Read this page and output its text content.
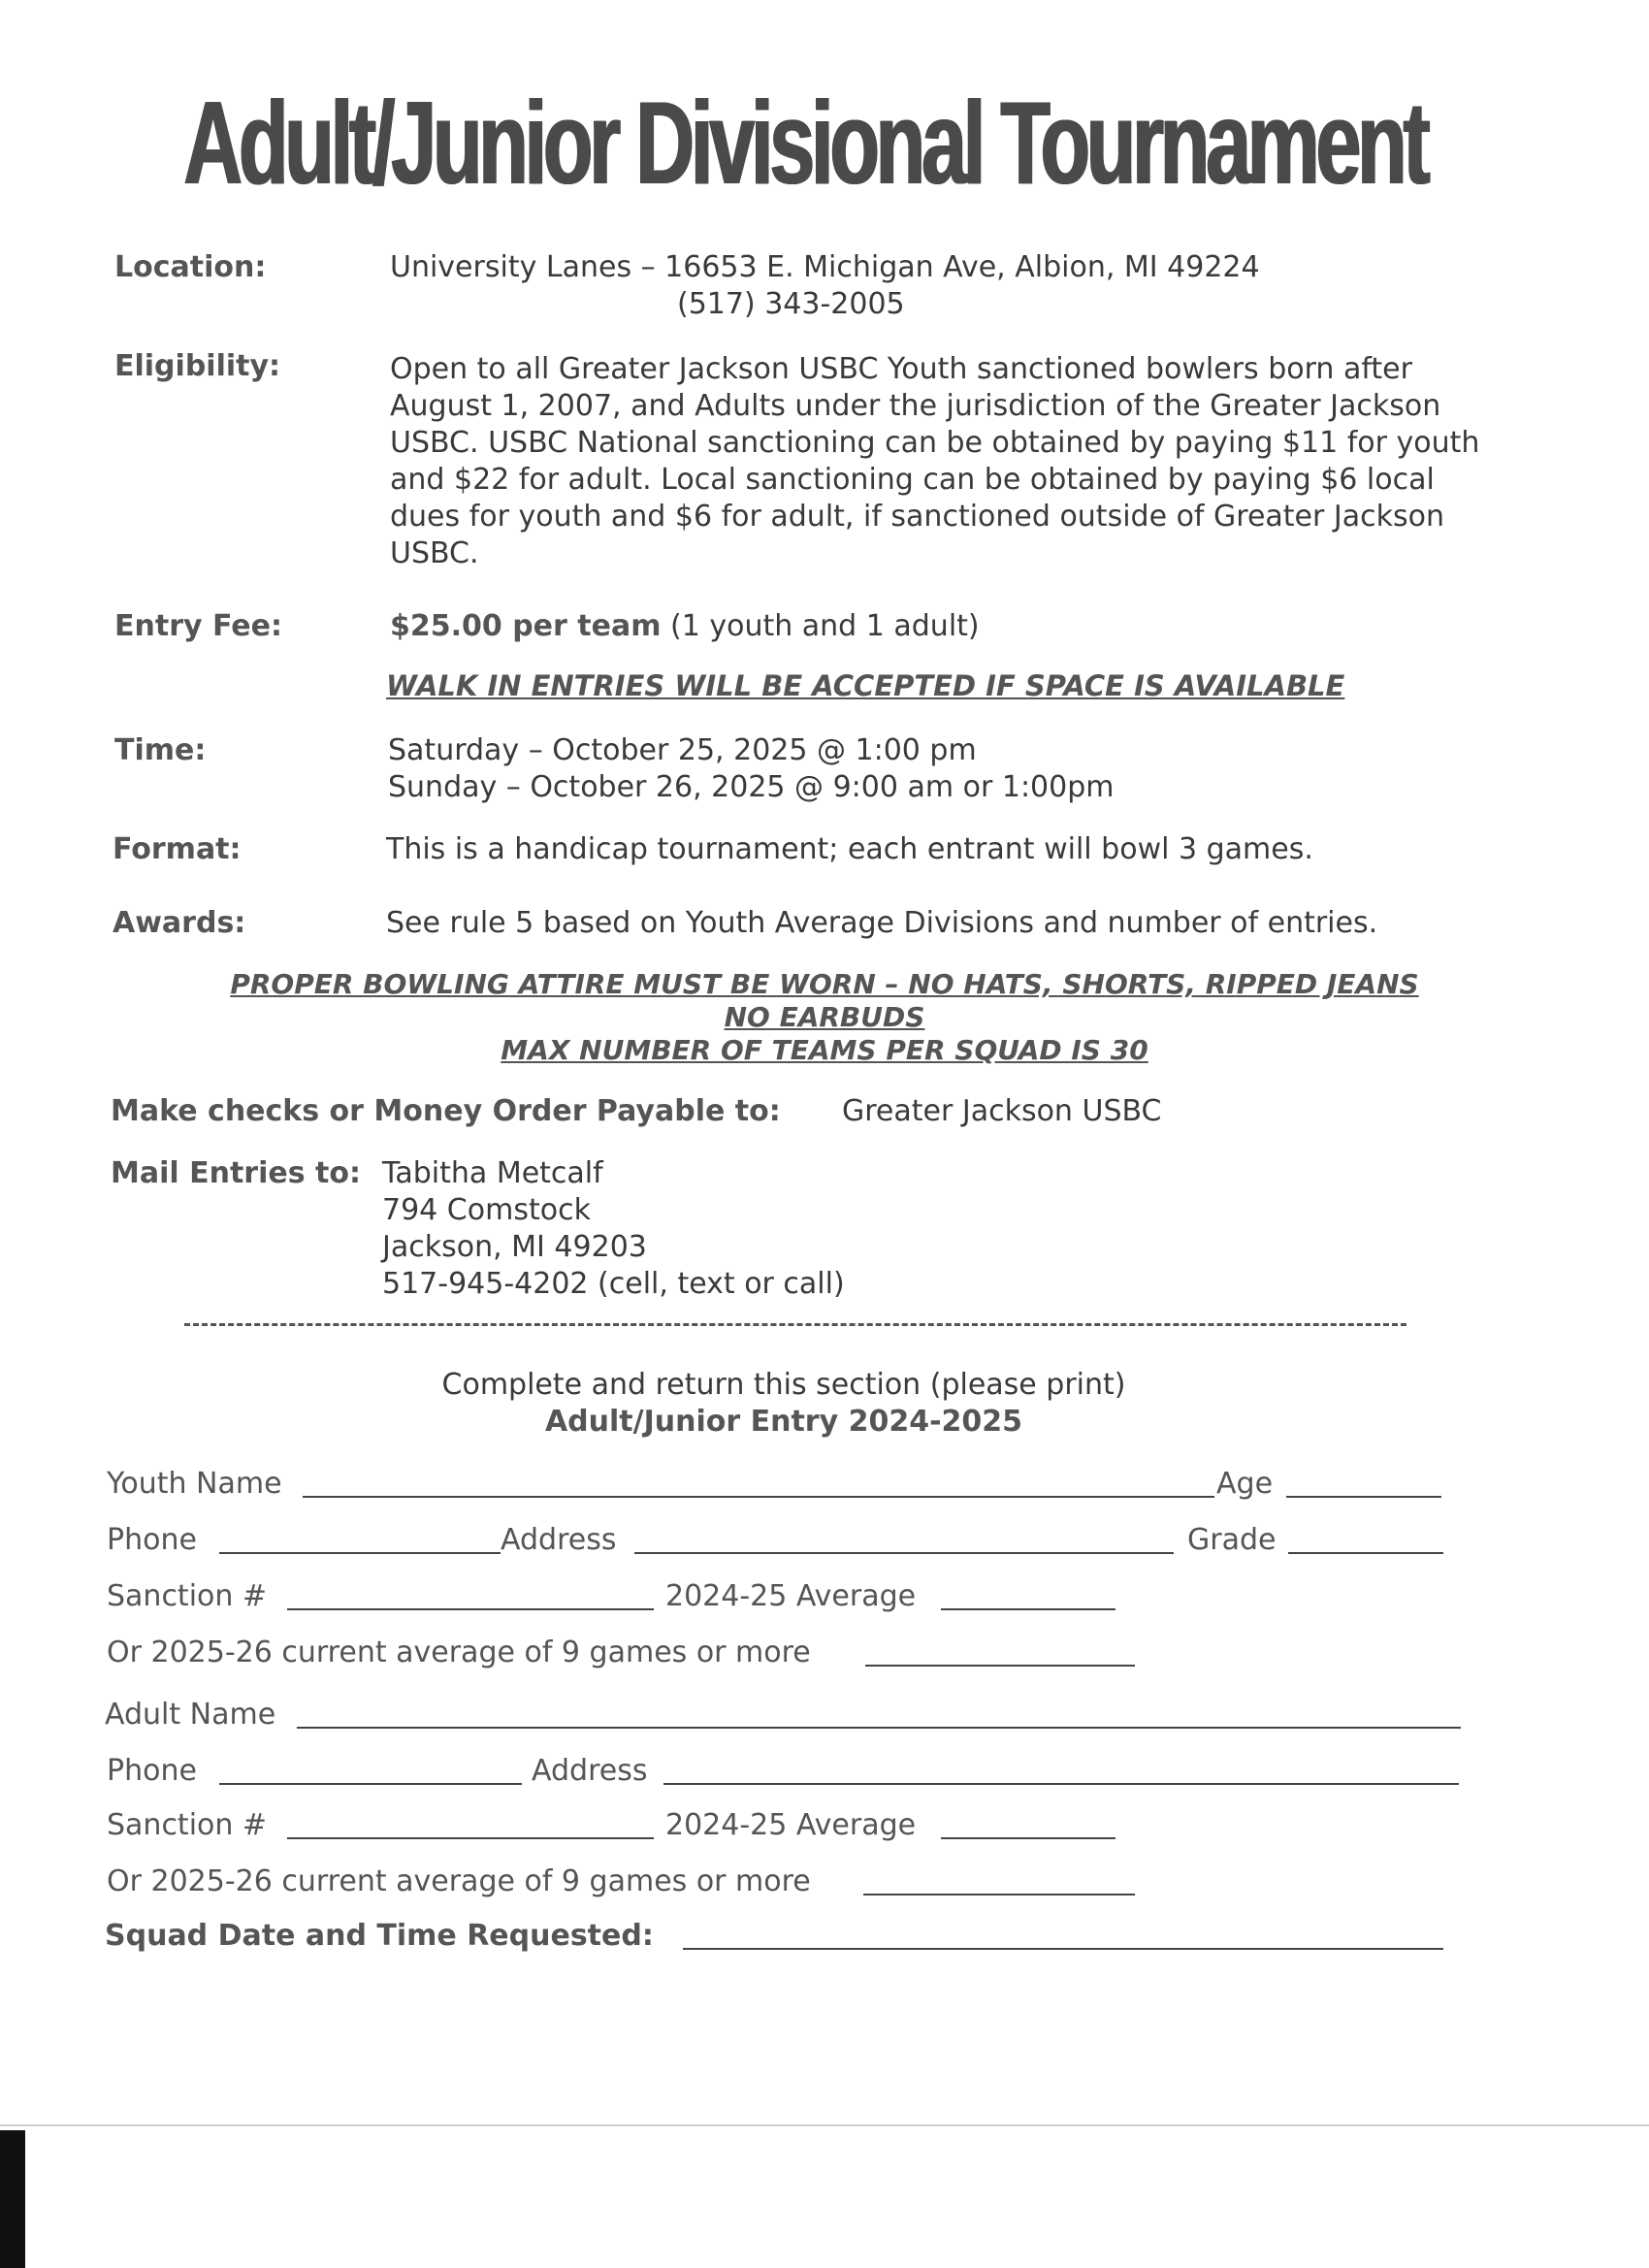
Adult/Junior Divisional Tournament
Location:	University Lanes – 16653 E. Michigan Ave, Albion, MI 49224
(517) 343-2005
Eligibility:	Open to all Greater Jackson USBC Youth sanctioned bowlers born after August 1, 2007, and Adults under the jurisdiction of the Greater Jackson USBC. USBC National sanctioning can be obtained by paying $11 for youth and $22 for adult. Local sanctioning can be obtained by paying $6 local dues for youth and $6 for adult, if sanctioned outside of Greater Jackson USBC.
Entry Fee:	$25.00 per team (1 youth and 1 adult)
WALK IN ENTRIES WILL BE ACCEPTED IF SPACE IS AVAILABLE
Time:	Saturday – October 25, 2025 @ 1:00 pm
Sunday – October 26, 2025 @ 9:00 am or 1:00pm
Format:	This is a handicap tournament; each entrant will bowl 3 games.
Awards:	See rule 5 based on Youth Average Divisions and number of entries.
PROPER BOWLING ATTIRE MUST BE WORN – NO HATS, SHORTS, RIPPED JEANS
NO EARBUDS
MAX NUMBER OF TEAMS PER SQUAD IS 30
Make checks or Money Order Payable to: Greater Jackson USBC
Mail Entries to: Tabitha Metcalf
794 Comstock
Jackson, MI 49203
517-945-4202 (cell, text or call)
Complete and return this section (please print)
Adult/Junior Entry 2024-2025
Youth Name	Age
Phone	Address	Grade
Sanction #	2024-25 Average
Or 2025-26 current average of 9 games or more
Adult Name
Phone	Address
Sanction #	2024-25 Average
Or 2025-26 current average of 9 games or more
Squad Date and Time Requested:
